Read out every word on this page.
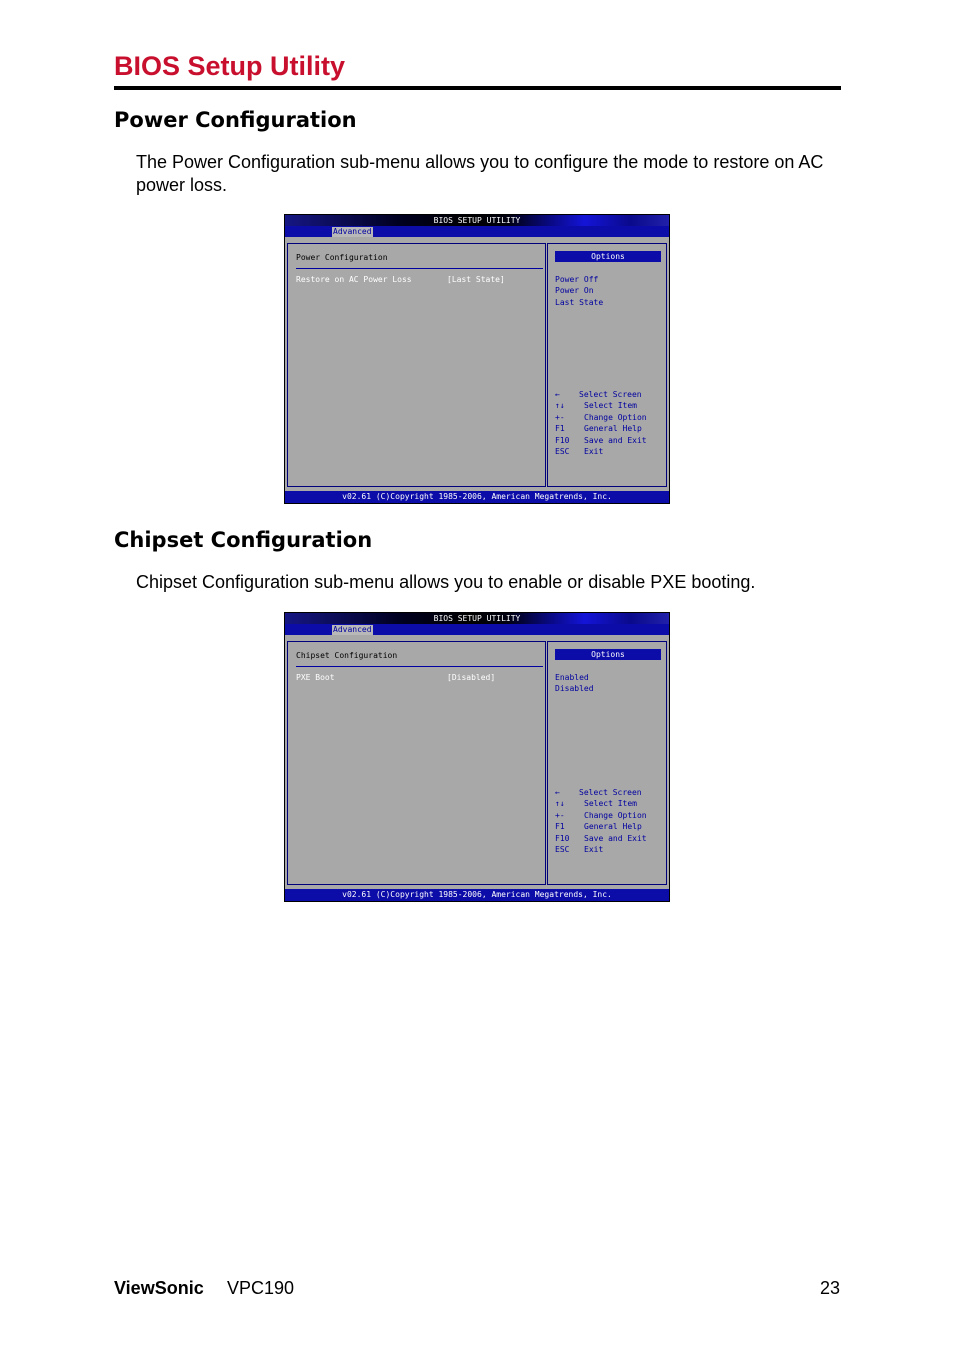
BIOS Setup Utility
Power Configuration
The Power Configuration sub-menu allows you to configure the mode to restore on AC power loss.
BIOS SETUP UTILITY
Advanced
Power Configuration
Restore on AC Power Loss	[Last State]
Options
Power Off
Power On
Last State
← Select Screen
↑↓ Select Item
+- Change Option
F1 General Help
F10 Save and Exit
ESC Exit
v02.61 (C)Copyright 1985-2006, American Megatrends, Inc.
Chipset Configuration
Chipset Configuration sub-menu allows you to enable or disable PXE booting.
BIOS SETUP UTILITY
Advanced
Chipset Configuration
PXE Boot	[Disabled]
Options
Enabled
Disabled
← Select Screen
↑↓ Select Item
+- Change Option
F1 General Help
F10 Save and Exit
ESC Exit
v02.61 (C)Copyright 1985-2006, American Megatrends, Inc.
ViewSonic VPC190	23
